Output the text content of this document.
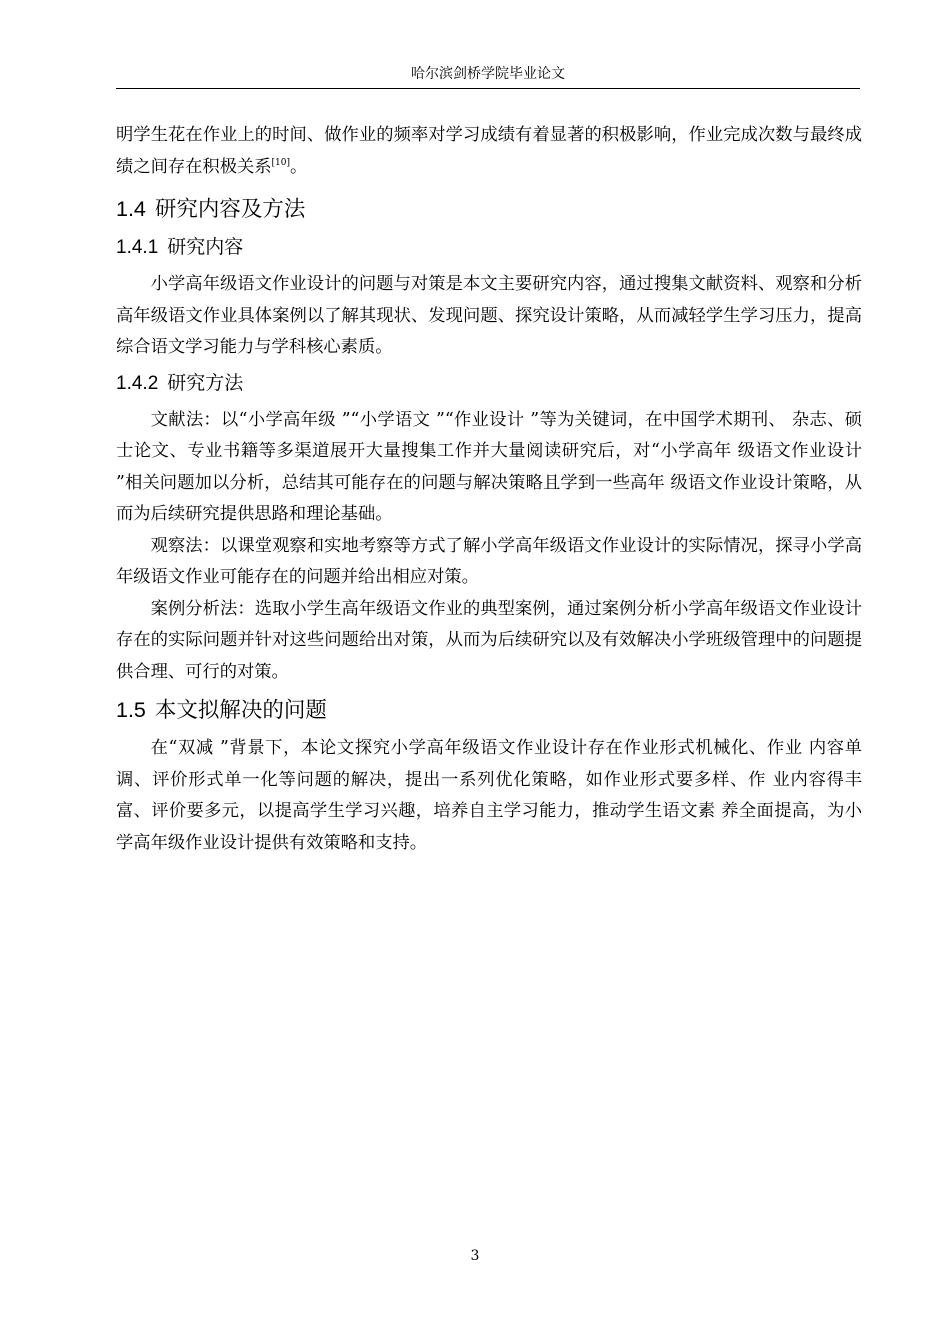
哈尔滨剑桥学院毕业论文

明学生花在作业上的时间、做作业的频率对学习成绩有着显著的积极影响，作业完成次数与最终成绩之间存在积极关系[10]。

1.4 研究内容及方法
1.4.1 研究内容

小学高年级语文作业设计的问题与对策是本文主要研究内容，通过搜集文献资料、观察和分析高年级语文作业具体案例以了解其现状、发现问题、探究设计策略，从而减轻学生学习压力，提高综合语文学习能力与学科核心素质。

1.4.2 研究方法

文献法：以“小学高年级 ”“小学语文 ”“作业设计 ”等为关键词，在中国学术期刊、 杂志、硕士论文、专业书籍等多渠道展开大量搜集工作并大量阅读研究后，对“小学高年 级语文作业设计 ”相关问题加以分析，总结其可能存在的问题与解决策略且学到一些高年 级语文作业设计策略，从而为后续研究提供思路和理论基础。

观察法：以课堂观察和实地考察等方式了解小学高年级语文作业设计的实际情况，探寻小学高年级语文作业可能存在的问题并给出相应对策。

案例分析法：选取小学生高年级语文作业的典型案例，通过案例分析小学高年级语文作业设计存在的实际问题并针对这些问题给出对策，从而为后续研究以及有效解决小学班级管理中的问题提供合理、可行的对策。

1.5 本文拟解决的问题

在“双减 ”背景下，本论文探究小学高年级语文作业设计存在作业形式机械化、作业 内容单调、评价形式单一化等问题的解决，提出一系列优化策略，如作业形式要多样、作 业内容得丰富、评价要多元，以提高学生学习兴趣，培养自主学习能力，推动学生语文素 养全面提高，为小学高年级作业设计提供有效策略和支持。

3
